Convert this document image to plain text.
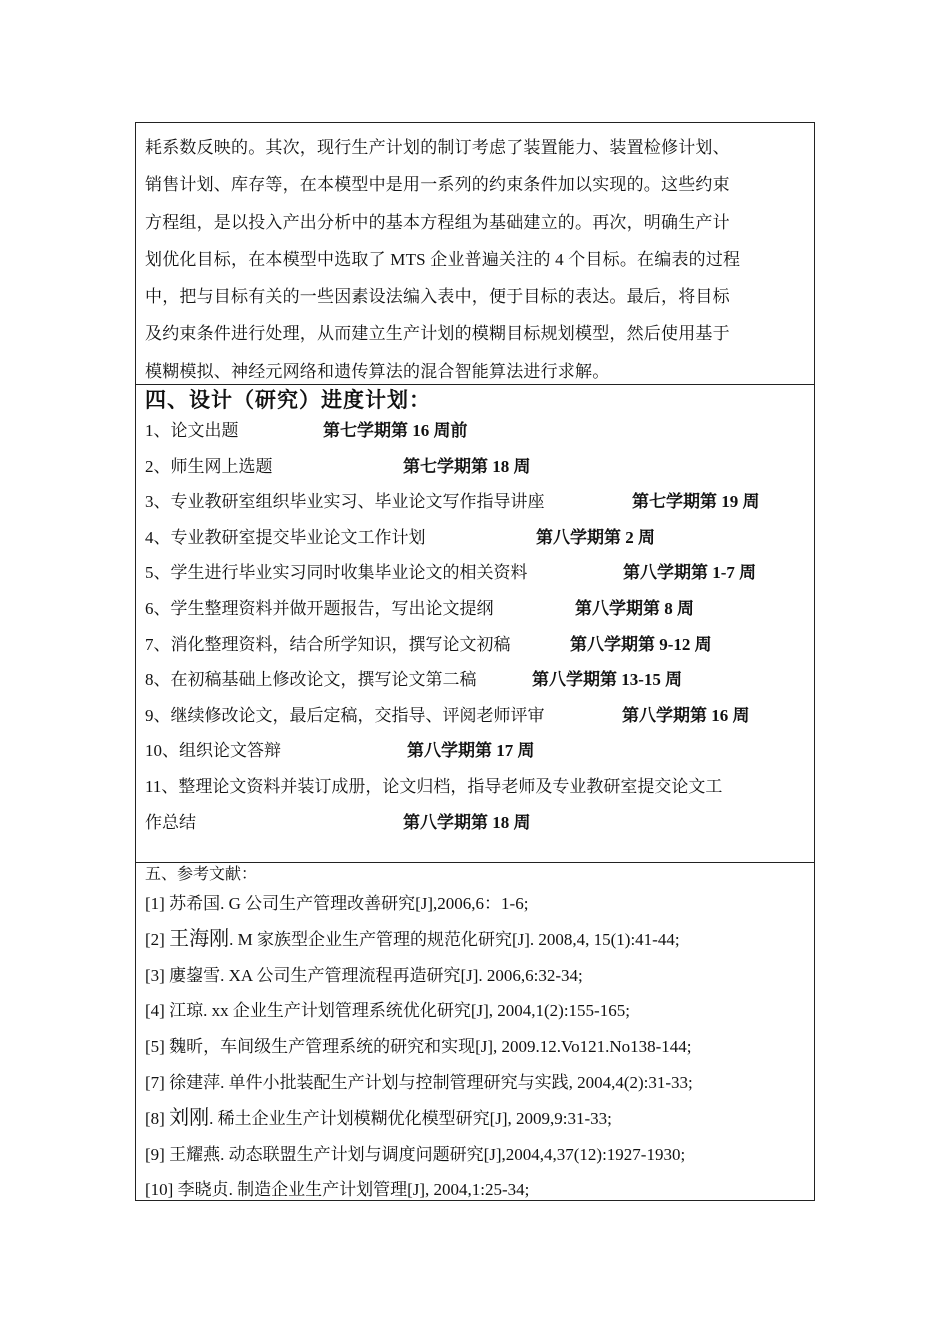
耗系数反映的。其次，现行生产计划的制订考虑了装置能力、装置检修计划、
销售计划、库存等，在本模型中是用一系列的约束条件加以实现的。这些约束
方程组，是以投入产出分析中的基本方程组为基础建立的。再次，明确生产计
划优化目标，在本模型中选取了 MTS 企业普遍关注的 4 个目标。在编表的过程
中，把与目标有关的一些因素设法编入表中，便于目标的表达。最后，将目标
及约束条件进行处理，从而建立生产计划的模糊目标规划模型，然后使用基于
模糊模拟、神经元网络和遗传算法的混合智能算法进行求解。

四、设计（研究）进度计划：
1、论文出题	第七学期第 16 周前
2、师生网上选题	第七学期第 18 周
3、专业教研室组织毕业实习、毕业论文写作指导讲座	第七学期第 19 周
4、专业教研室提交毕业论文工作计划	第八学期第 2 周
5、学生进行毕业实习同时收集毕业论文的相关资料	第八学期第 1-7 周
6、学生整理资料并做开题报告，写出论文提纲	第八学期第 8 周
7、消化整理资料，结合所学知识，撰写论文初稿	第八学期第 9-12 周
8、在初稿基础上修改论文，撰写论文第二稿	第八学期第 13-15 周
9、继续修改论文，最后定稿，交指导、评阅老师评审	第八学期第 16 周
10、组织论文答辩	第八学期第 17 周
11、整理论文资料并装订成册，论文归档，指导老师及专业教研室提交论文工
作总结	第八学期第 18 周
五、参考文献：
[1] 苏希国. G 公司生产管理改善研究[J],2006,6：1-6;
[2] 王海刚. M 家族型企业生产管理的规范化研究[J]. 2008,4, 15(1):41-44;
[3] 廔鋆雪. XA 公司生产管理流程再造研究[J]. 2006,6:32-34;
[4] 江琼. xx 企业生产计划管理系统优化研究[J], 2004,1(2):155-165;
[5] 魏昕，车间级生产管理系统的研究和实现[J], 2009.12.Vo121.No138-144;
[7] 徐建萍. 单件小批装配生产计划与控制管理研究与实践, 2004,4(2):31-33;
[8] 刘刚. 稀土企业生产计划模糊优化模型研究[J], 2009,9:31-33;
[9] 王耀燕. 动态联盟生产计划与调度问题研究[J],2004,4,37(12):1927-1930;
[10] 李晓贞. 制造企业生产计划管理[J], 2004,1:25-34;
